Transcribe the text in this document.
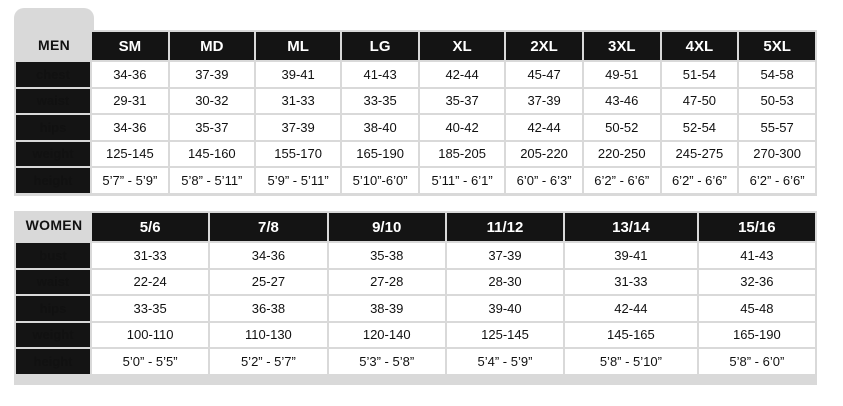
MEN
		SM	MD	ML	LG	XL	2XL	3XL	4XL	5XL
chest	34-36	37-39	39-41	41-43	42-44	45-47	49-51	51-54	54-58
waist	29-31	30-32	31-33	33-35	35-37	37-39	43-46	47-50	50-53
hips	34-36	35-37	37-39	38-40	40-42	42-44	50-52	52-54	55-57
weight	125-145	145-160	155-170	165-190	185-205	205-220	220-250	245-275	270-300
height	5’7” - 5’9”	5’8” - 5’11”	5’9” - 5’11”	5’10”-6’0”	5’11” - 6’1”	6’0” - 6’3”	6’2” - 6’6”	6’2” - 6’6”	6’2” - 6’6”
WOMEN
		5/6	7/8	9/10	11/12	13/14	15/16
bust	31-33	34-36	35-38	37-39	39-41	41-43
waist	22-24	25-27	27-28	28-30	31-33	32-36
hips	33-35	36-38	38-39	39-40	42-44	45-48
weight	100-110	110-130	120-140	125-145	145-165	165-190
height	5’0” - 5’5”	5’2” - 5’7”	5’3” - 5’8”	5’4” - 5’9”	5’8” - 5’10”	5’8” - 6’0”
